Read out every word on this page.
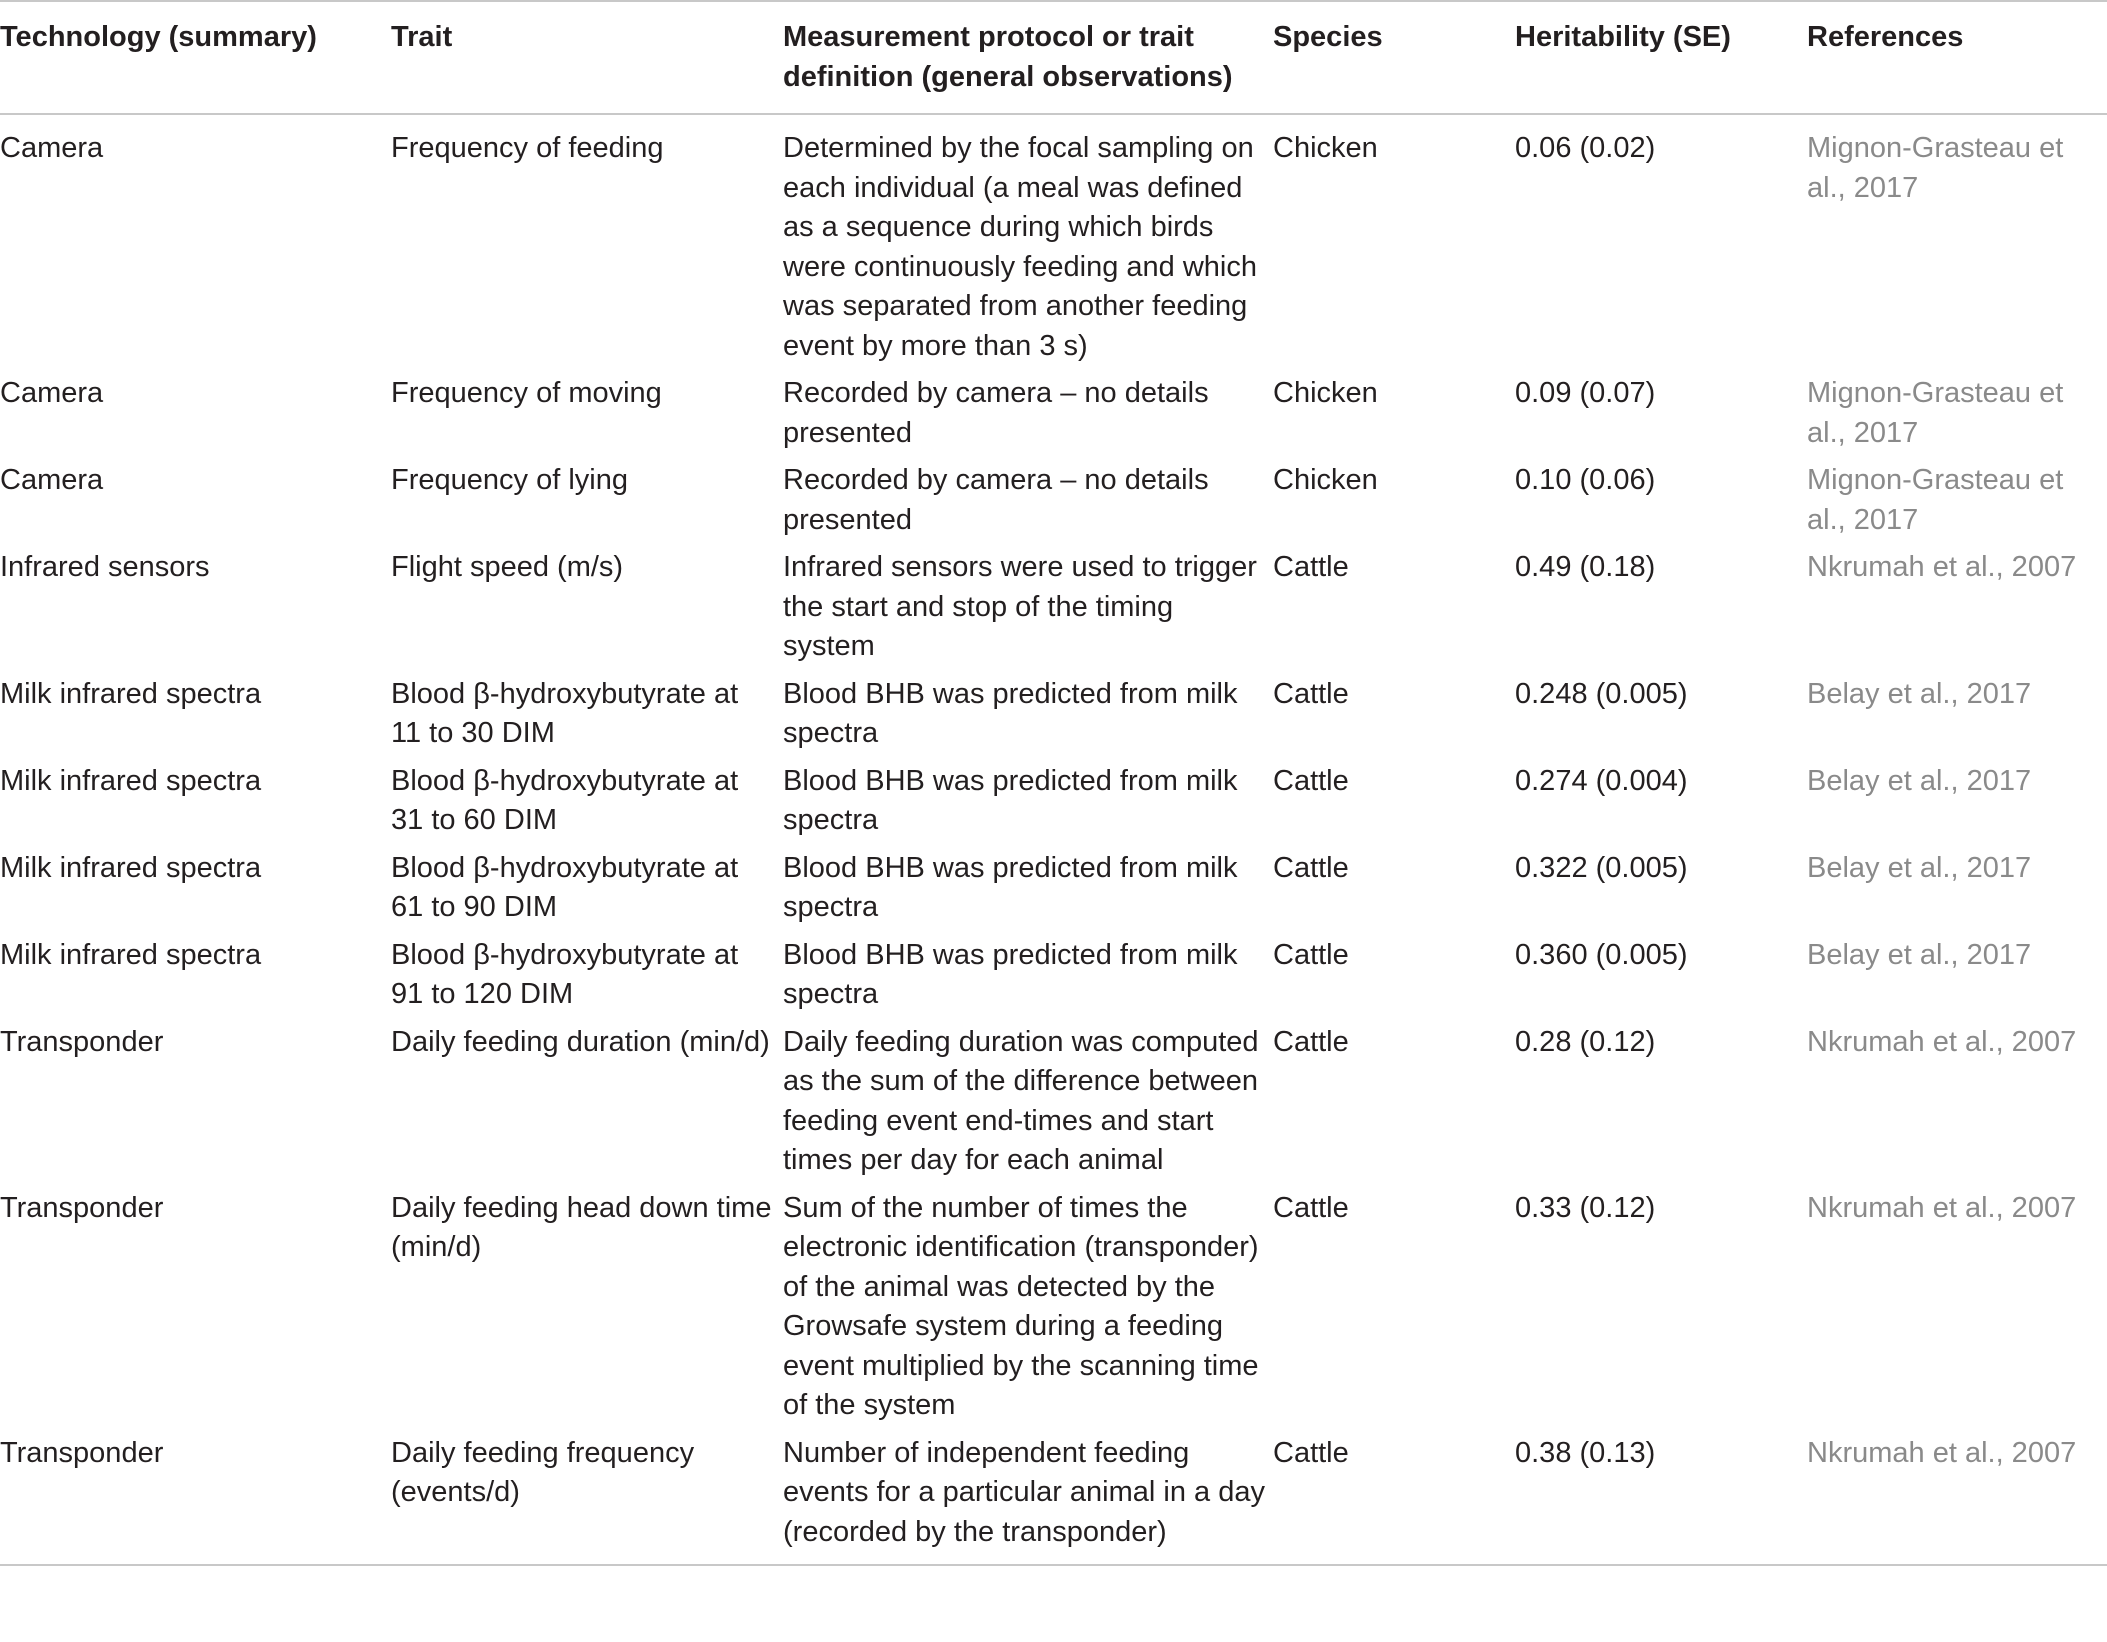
Technology (summary)	Trait	Measurement protocol or trait definition (general observations)	Species	Heritability (SE)	References
Camera	Frequency of feeding	Determined by the focal sampling on each individual (a meal was defined as a sequence during which birds were continuously feeding and which was separated from another feeding event by more than 3 s)	Chicken	0.06 (0.02)	Mignon-Grasteau et al., 2017
Camera	Frequency of moving	Recorded by camera – no details presented	Chicken	0.09 (0.07)	Mignon-Grasteau et al., 2017
Camera	Frequency of lying	Recorded by camera – no details presented	Chicken	0.10 (0.06)	Mignon-Grasteau et al., 2017
Infrared sensors	Flight speed (m/s)	Infrared sensors were used to trigger the start and stop of the timing system	Cattle	0.49 (0.18)	Nkrumah et al., 2007
Milk infrared spectra	Blood β-hydroxybutyrate at 11 to 30 DIM	Blood BHB was predicted from milk spectra	Cattle	0.248 (0.005)	Belay et al., 2017
Milk infrared spectra	Blood β-hydroxybutyrate at 31 to 60 DIM	Blood BHB was predicted from milk spectra	Cattle	0.274 (0.004)	Belay et al., 2017
Milk infrared spectra	Blood β-hydroxybutyrate at 61 to 90 DIM	Blood BHB was predicted from milk spectra	Cattle	0.322 (0.005)	Belay et al., 2017
Milk infrared spectra	Blood β-hydroxybutyrate at 91 to 120 DIM	Blood BHB was predicted from milk spectra	Cattle	0.360 (0.005)	Belay et al., 2017
Transponder	Daily feeding duration (min/d)	Daily feeding duration was computed as the sum of the difference between feeding event end-times and start times per day for each animal	Cattle	0.28 (0.12)	Nkrumah et al., 2007
Transponder	Daily feeding head down time (min/d)	Sum of the number of times the electronic identification (transponder) of the animal was detected by the Growsafe system during a feeding event multiplied by the scanning time of the system	Cattle	0.33 (0.12)	Nkrumah et al., 2007
Transponder	Daily feeding frequency (events/d)	Number of independent feeding events for a particular animal in a day (recorded by the transponder)	Cattle	0.38 (0.13)	Nkrumah et al., 2007
